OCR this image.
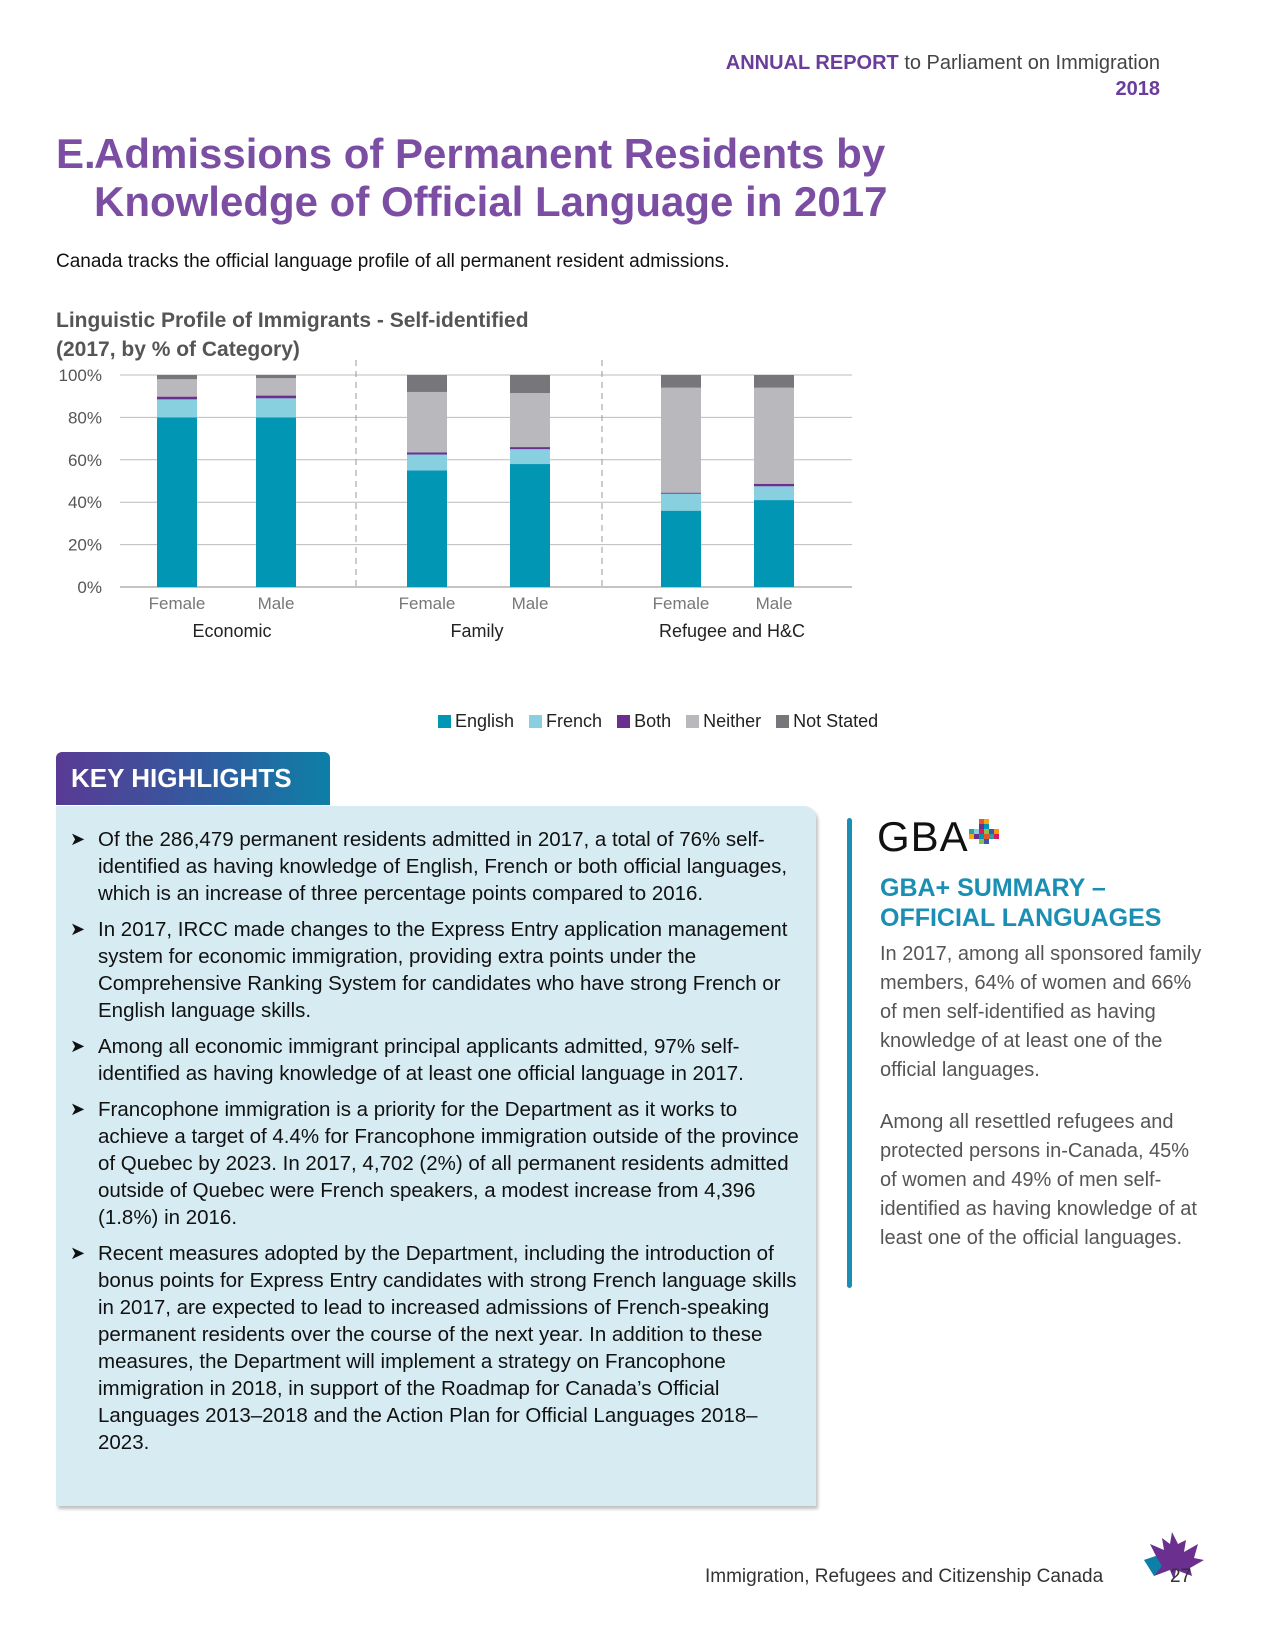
ANNUAL REPORT to Parliament on Immigration
2018
E.Admissions of Permanent Residents by
Knowledge of Official Language in 2017
Canada tracks the official language profile of all permanent resident admissions.
Linguistic Profile of Immigrants - Self-identified
(2017, by % of Category)
0%
20%
40%
60%
80%
100%
Female	Male	Female	Male	Female	Male
Economic	Family	Refugee and H&C
English French Both Neither Not Stated
KEY HIGHLIGHTS
➤ Of the 286,479 permanent residents admitted in 2017, a total of 76% self-identified as having knowledge of English, French or both official languages, which is an increase of three percentage points compared to 2016.
➤ In 2017, IRCC made changes to the Express Entry application management system for economic immigration, providing extra points under the Comprehensive Ranking System for candidates who have strong French or English language skills.
➤ Among all economic immigrant principal applicants admitted, 97% self-identified as having knowledge of at least one official language in 2017.
➤ Francophone immigration is a priority for the Department as it works to achieve a target of 4.4% for Francophone immigration outside of the province of Quebec by 2023. In 2017, 4,702 (2%) of all permanent residents admitted outside of Quebec were French speakers, a modest increase from 4,396 (1.8%) in 2016.
➤ Recent measures adopted by the Department, including the introduction of bonus points for Express Entry candidates with strong French language skills in 2017, are expected to lead to increased admissions of French-speaking permanent residents over the course of the next year. In addition to these measures, the Department will implement a strategy on Francophone immigration in 2018, in support of the Roadmap for Canada’s Official Languages 2013–2018 and the Action Plan for Official Languages 2018–2023.
GBA
GBA+ SUMMARY –
OFFICIAL LANGUAGES
In 2017, among all sponsored family members, 64% of women and 66% of men self-identified as having knowledge of at least one of the official languages.
Among all resettled refugees and protected persons in-Canada, 45% of women and 49% of men self-identified as having knowledge of at least one of the official languages.
Immigration, Refugees and Citizenship Canada	27
